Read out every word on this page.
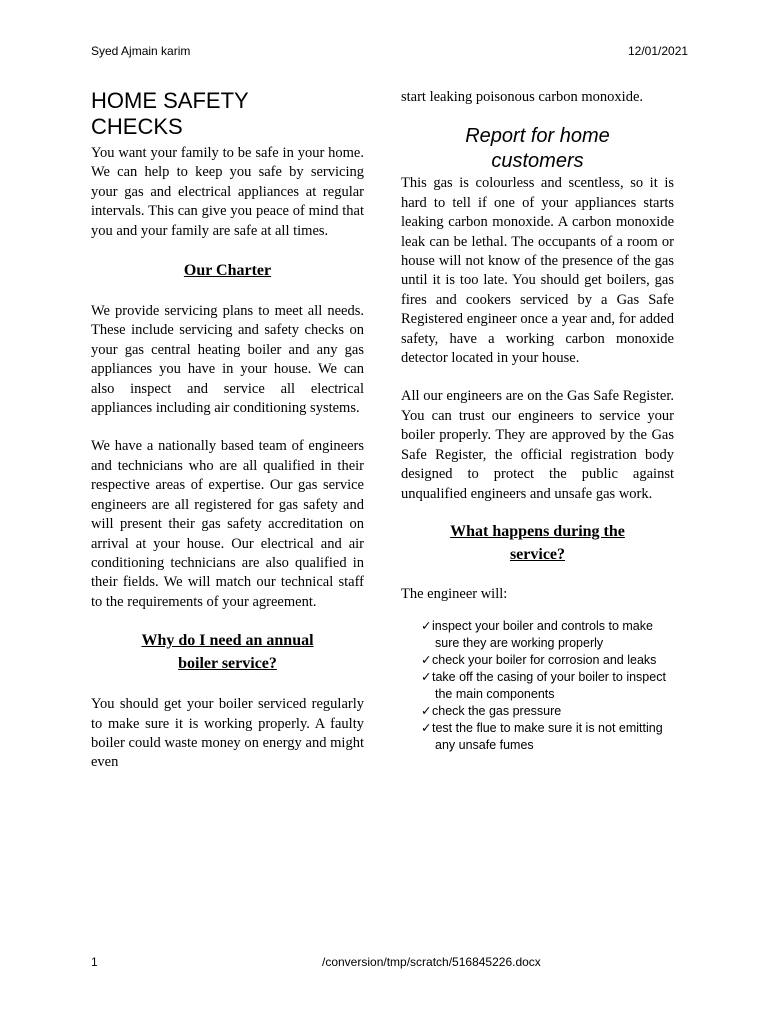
Syed Ajmain karim	12/01/2021
HOME SAFETY
CHECKS

You want your family to be safe in your home. We can help to keep you safe by servicing your gas and electrical appliances at regular intervals. This can give you peace of mind that you and your family are safe at all times.

Our Charter

We provide servicing plans to meet all needs. These include servicing and safety checks on your gas central heating boiler and any gas appliances you have in your house. We can also inspect and service all electrical appliances including air conditioning systems.

We have a nationally based team of engineers and technicians who are all qualified in their respective areas of expertise. Our gas service engineers are all registered for gas safety and will present their gas safety accreditation on arrival at your house. Our electrical and air conditioning technicians are also qualified in their fields. We will match our technical staff to the requirements of your agreement.

Why do I need an annual
boiler service?

You should get your boiler serviced regularly to make sure it is working properly. A faulty boiler could waste money on energy and might even

start leaking poisonous carbon monoxide.

Report for home
customers

This gas is colourless and scentless, so it is hard to tell if one of your appliances starts leaking carbon monoxide. A carbon monoxide leak can be lethal. The occupants of a room or house will not know of the presence of the gas until it is too late. You should get boilers, gas fires and cookers serviced by a Gas Safe Registered engineer once a year and, for added safety, have a working carbon monoxide detector located in your house.

All our engineers are on the Gas Safe Register. You can trust our engineers to service your boiler properly. They are approved by the Gas Safe Register, the official registration body designed to protect the public against unqualified engineers and unsafe gas work.

What happens during the
service?

The engineer will:

✓inspect your boiler and controls to make sure they are working properly
✓check your boiler for corrosion and leaks
✓take off the casing of your boiler to inspect the main components
✓check the gas pressure
✓test the flue to make sure it is not emitting any unsafe fumes
1	/conversion/tmp/scratch/516845226.docx
